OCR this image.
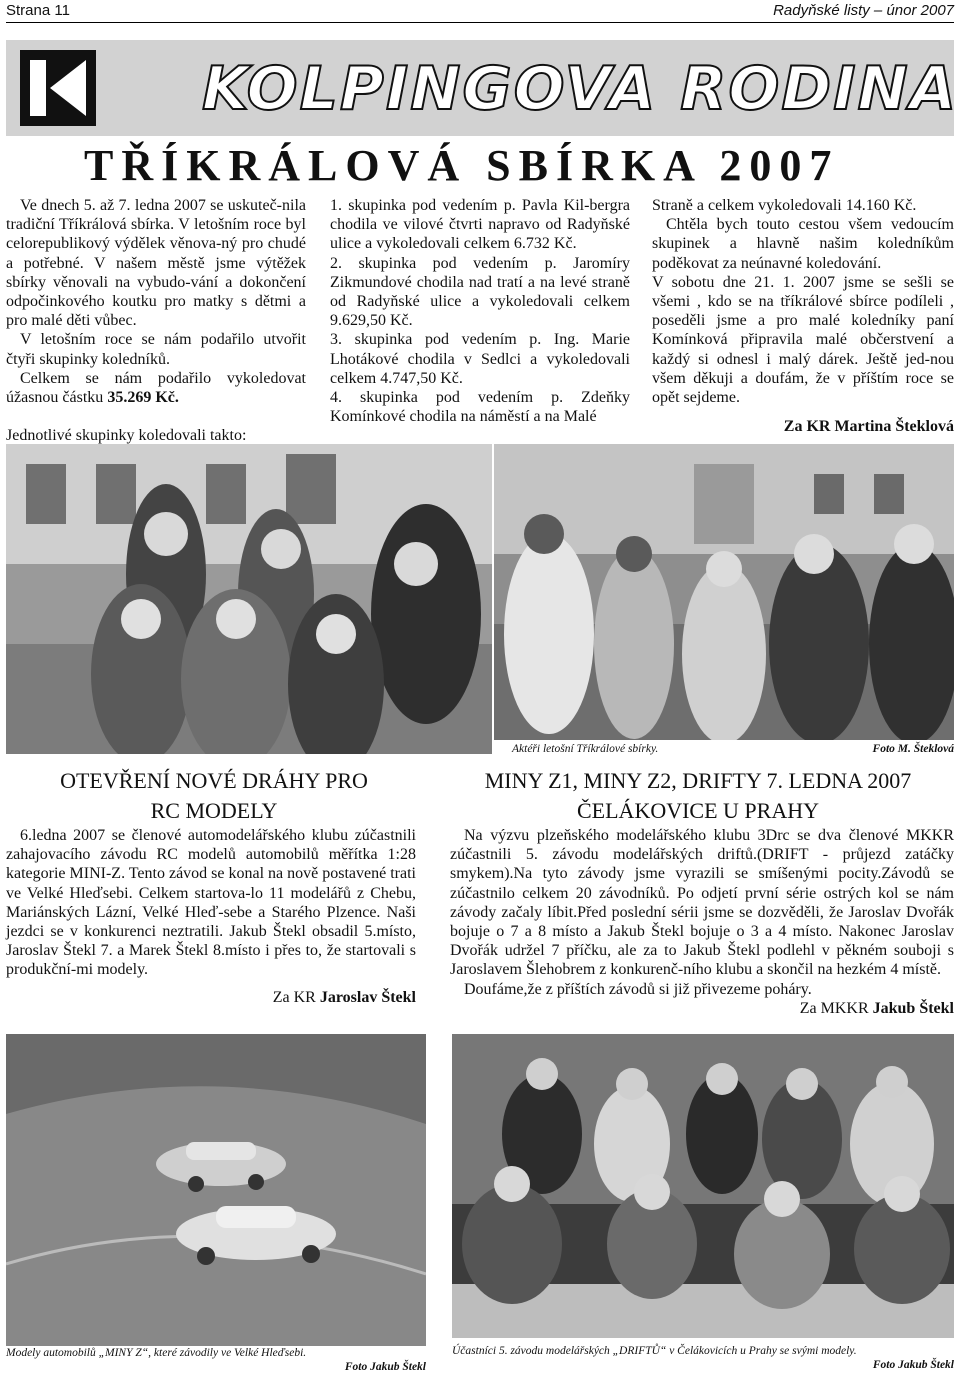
Strana 11	Radyňské listy – únor 2007
KOLPINGOVA RODINA
TŘÍKRÁLOVÁ SBÍRKA 2007

Ve dnech 5. až 7. ledna 2007 se uskuteč-nila tradiční Tříkrálová sbírka. V letošním roce byl celorepublikový výdělek věnova-ný pro chudé a potřebné. V našem městě jsme výtěžek sbírky věnovali na vybudo-vání a dokončení odpočinkového koutku pro matky s dětmi a pro malé děti vůbec.

V letošním roce se nám podařilo utvořit čtyři skupinky koledníků.

Celkem se nám podařilo vykoledovat úžasnou částku 35.269 Kč.

Jednotlivé skupinky koledovali takto:

1. skupinka pod vedením p. Pavla Kil-bergra chodila ve vilové čtvrti napravo od Radyňské ulice a vykoledovali celkem 6.732 Kč.

2. skupinka pod vedením p. Jaromíry Zikmundové chodila nad tratí a na levé straně od Radyňské ulice a vykoledovali celkem 9.629,50 Kč.

3. skupinka pod vedením p. Ing. Marie Lhotákové chodila v Sedlci a vykoledovali celkem 4.747,50 Kč.

4. skupinka pod vedením p. Zdeňky Komínkové chodila na náměstí a na Malé

Straně a celkem vykoledovali 14.160 Kč.

Chtěla bych touto cestou všem vedoucím skupinek a hlavně našim koledníkům poděkovat za neúnavné koledování.

V sobotu dne 21. 1. 2007 jsme se sešli se všemi , kdo se na tříkrálové sbírce podíleli , poseděli jsme a pro malé koledníky paní Komínková připravila malé občerstvení a každý si odnesl i malý dárek. Ještě jed-nou všem děkuji a doufám, že v příštím roce se opět sejdeme.

Za KR Martina Šteklová

Aktéři letošní Tříkrálové sbírky.	Foto M. Šteklová
OTEVŘENÍ NOVÉ DRÁHY PRO
RC MODELY

6.ledna 2007 se členové automodelářského klubu zúčastnili zahajovacího závodu RC modelů automobilů měřítka 1:28 kategorie MINI-Z. Tento závod se konal na nově postavené trati ve Velké Hleďsebi. Celkem startova-lo 11 modelářů z Chebu, Mariánských Lázní, Velké Hleď-sebe a Starého Plzence. Naši jezdci se v konkurenci neztratili. Jakub Štekl obsadil 5.místo, Jaroslav Štekl 7. a Marek Štekl 8.místo i přes to, že startovali s produkční-mi modely.

Za KR Jaroslav Štekl

MINY Z1, MINY Z2, DRIFTY 7. LEDNA 2007
ČELÁKOVICE U PRAHY

Na výzvu plzeňského modelářského klubu 3Drc se dva členové MKKR zúčastnili 5. závodu modelářských driftů.(DRIFT - průjezd zatáčky smykem).Na tyto závody jsme vyrazili se smíšenými pocity.Závodů se zúčastnilo celkem 20 závodníků. Po odjetí první série ostrých kol se nám závody začaly líbit.Před poslední sérii jsme se dozvěděli, že Jaroslav Dvořák bojuje o 7 a 8 místo a Jakub Štekl bojuje o 3 a 4 místo. Nakonec Jaroslav Dvořák udržel 7 příčku, ale za to Jakub Štekl podlehl v pěkném souboji s Jaroslavem Šlehobrem z konkurenč-ního klubu a skončil na hezkém 4 místě.

Doufáme,že z příštích závodů si již přivezeme poháry.

Za MKKR Jakub Štekl

Modely automobilů „MINY Z“, které závodily ve Velké Hleďsebi.
Foto Jakub Štekl
Účastníci 5. závodu modelářských „DRIFTŮ“ v Čelákovicích u Prahy se svými modely.
Foto Jakub Štekl
